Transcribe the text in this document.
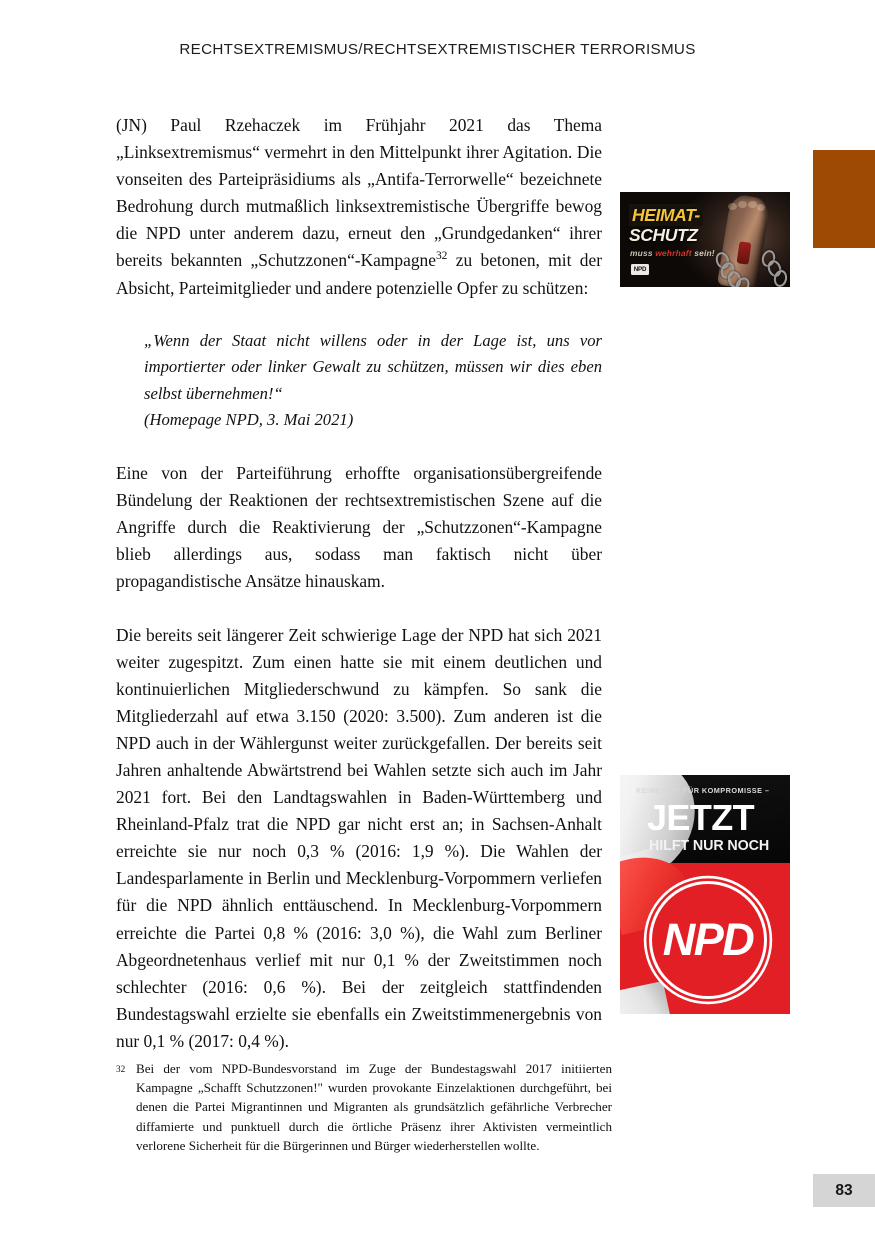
RECHTSEXTREMISMUS/RECHTSEXTREMISTISCHER TERRORISMUS

(JN) Paul Rzehaczek im Frühjahr 2021 das Thema „Linksextremismus“ vermehrt in den Mittelpunkt ihrer Agitation. Die vonseiten des Parteipräsidiums als „Antifa-Terrorwelle“ bezeichnete Bedrohung durch mutmaßlich linksextremistische Übergriffe bewog die NPD unter anderem dazu, erneut den „Grundgedanken“ ihrer bereits bekannten „Schutzzonen“-Kampagne$^{32}$ zu betonen, mit der Absicht, Parteimitglieder und andere potenzielle Opfer zu schützen:

„Wenn der Staat nicht willens oder in der Lage ist, uns vor importierter oder linker Gewalt zu schützen, müssen wir dies eben selbst übernehmen!“
(Homepage NPD, 3. Mai 2021)

Eine von der Parteiführung erhoffte organisationsübergreifende Bündelung der Reaktionen der rechtsextremistischen Szene auf die Angriffe durch die Reaktivierung der „Schutzzonen“-Kampagne blieb allerdings aus, sodass man faktisch nicht über propagandistische Ansätze hinauskam.

Die bereits seit längerer Zeit schwierige Lage der NPD hat sich 2021 weiter zugespitzt. Zum einen hatte sie mit einem deutlichen und kontinuierlichen Mitgliederschwund zu kämpfen. So sank die Mitgliederzahl auf etwa 3.150 (2020: 3.500). Zum anderen ist die NPD auch in der Wählergunst weiter zurückgefallen. Der bereits seit Jahren anhaltende Abwärtstrend bei Wahlen setzte sich auch im Jahr 2021 fort. Bei den Landtagswahlen in Baden-Württemberg und Rheinland-Pfalz trat die NPD gar nicht erst an; in Sachsen-Anhalt erreichte sie nur noch 0,3 % (2016: 1,9 %). Die Wahlen der Landesparlamente in Berlin und Mecklenburg-Vorpommern verliefen für die NPD ähnlich enttäuschend. In Mecklenburg-Vorpommern erreichte die Partei 0,8 % (2016: 3,0 %), die Wahl zum Berliner Abgeordnetenhaus verlief mit nur 0,1 % der Zweitstimmen noch schlechter (2016: 0,6 %). Bei der zeitgleich stattfindenden Bundestagswahl erzielte sie ebenfalls ein Zweitstimmenergebnis von nur 0,1 % (2017: 0,4 %).

32 Bei der vom NPD-Bundesvorstand im Zuge der Bundestagswahl 2017 initiierten Kampagne „Schafft Schutzzonen!" wurden provokante Einzelaktionen durchgeführt, bei denen die Partei Migrantinnen und Migranten als grundsätzlich gefährliche Verbrecher diffamierte und punktuell durch die örtliche Präsenz ihrer Aktivisten vermeintlich verlorene Sicherheit für die Bürgerinnen und Bürger wiederherstellen wollte.
83
HEIMAT-
SCHUTZ
muss wehrhaft sein!
NPD
KEINE ZEIT FÜR KOMPROMISSE –
JETZT
HILFT NUR NOCH
NPD
